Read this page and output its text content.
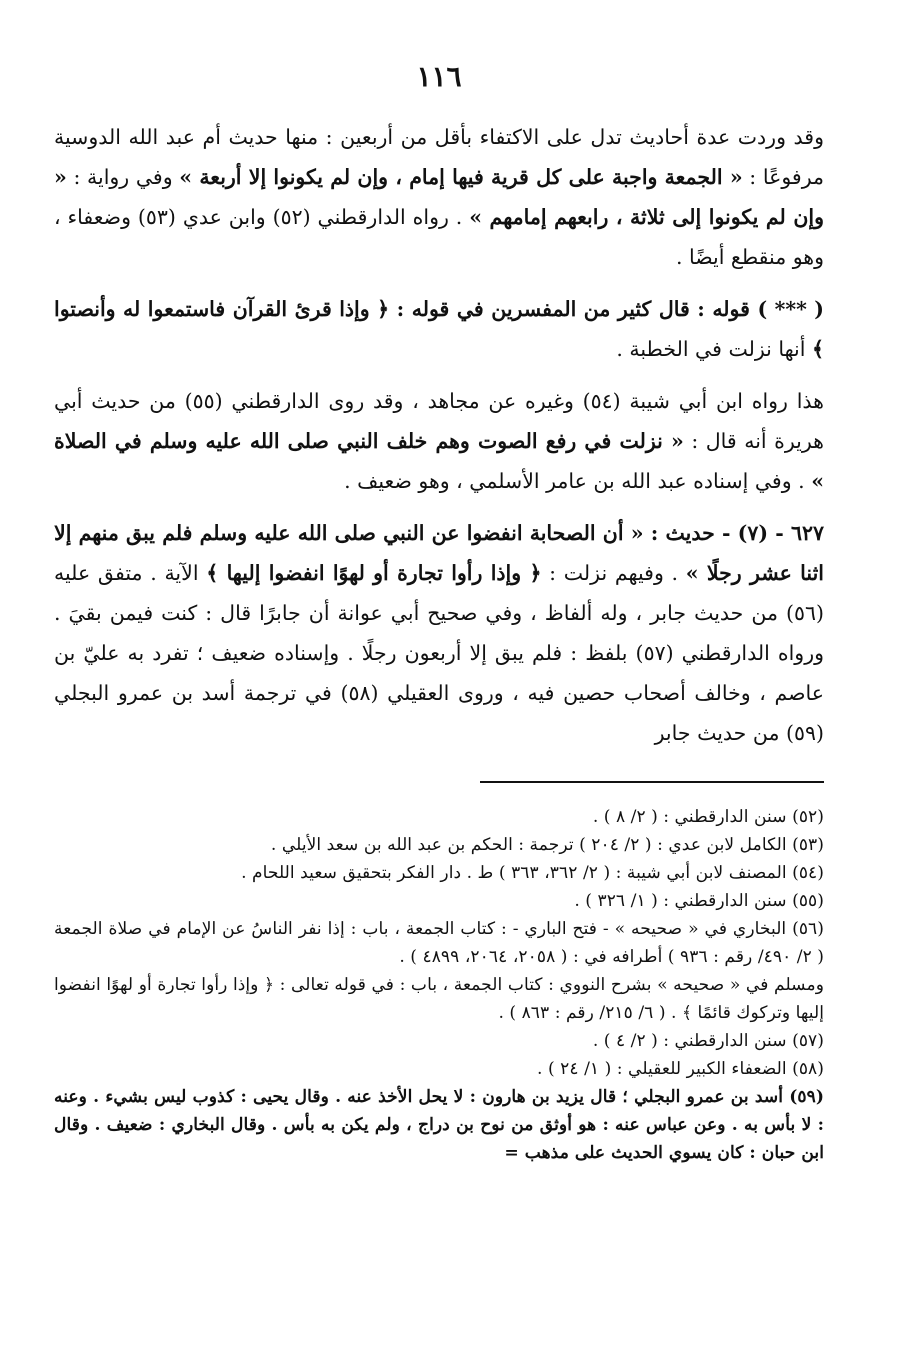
١١٦

وقد وردت عدة أحاديث تدل على الاكتفاء بأقل من أربعين : منها حديث أم عبد الله الدوسية مرفوعًا : « الجمعة واجبة على كل قرية فيها إمام ، وإن لم يكونوا إلا أربعة » وفي رواية : « وإن لم يكونوا إلى ثلاثة ، رابعهم إمامهم » . رواه الدارقطني (٥٢) وابن عدي (٥٣) وضعفاء ، وهو منقطع أيضًا .

( *** ) قوله : قال كثير من المفسرين في قوله : ﴿ وإذا قرئ القرآن فاستمعوا له وأنصتوا ﴾ أنها نزلت في الخطبة .

هذا رواه ابن أبي شيبة (٥٤) وغيره عن مجاهد ، وقد روى الدارقطني (٥٥) من حديث أبي هريرة أنه قال : « نزلت في رفع الصوت وهم خلف النبي صلى الله عليه وسلم في الصلاة » . وفي إسناده عبد الله بن عامر الأسلمي ، وهو ضعيف .

٦٢٧ - (٧) - حديث : « أن الصحابة انفضوا عن النبي صلى الله عليه وسلم فلم يبق منهم إلا اثنا عشر رجلًا » . وفيهم نزلت : ﴿ وإذا رأوا تجارة أو لهوًا انفضوا إليها ﴾ الآية . متفق عليه (٥٦) من حديث جابر ، وله ألفاظ ، وفي صحيح أبي عوانة أن جابرًا قال : كنت فيمن بقيَ . ورواه الدارقطني (٥٧) بلفظ : فلم يبق إلا أربعون رجلًا . وإسناده ضعيف ؛ تفرد به عليّ بن عاصم ، وخالف أصحاب حصين فيه ، وروى العقيلي (٥٨) في ترجمة أسد بن عمرو البجلي (٥٩) من حديث جابر

(٥٢) سنن الدارقطني : ( ٢/ ٨ ) .

(٥٣) الكامل لابن عدي : ( ٢/ ٢٠٤ ) ترجمة : الحكم بن عبد الله بن سعد الأيلي .

(٥٤) المصنف لابن أبي شيبة : ( ٢/ ٣٦٢، ٣٦٣ ) ط . دار الفكر بتحقيق سعيد اللحام .

(٥٥) سنن الدارقطني : ( ١/ ٣٢٦ ) .

(٥٦) البخاري في « صحيحه » - فتح الباري - : كتاب الجمعة ، باب : إذا نفر الناسُ عن الإمام في صلاة الجمعة ( ٢/ ٤٩٠/ رقم : ٩٣٦ ) أطرافه في : ( ٢٠٥٨، ٢٠٦٤، ٤٨٩٩ ) .

ومسلم في « صحيحه » بشرح النووي : كتاب الجمعة ، باب : في قوله تعالى : ﴿ وإذا رأوا تجارة أو لهوًا انفضوا إليها وتركوك قائمًا ﴾ . ( ٦/ ٢١٥/ رقم : ٨٦٣ ) .

(٥٧) سنن الدارقطني : ( ٢/ ٤ ) .

(٥٨) الضعفاء الكبير للعقيلي : ( ١/ ٢٤ ) .

(٥٩) أسد بن عمرو البجلي ؛ قال يزيد بن هارون : لا يحل الأخذ عنه . وقال يحيى : كذوب ليس بشيء . وعنه : لا بأس به . وعن عباس عنه : هو أوثق من نوح بن دراج ، ولم يكن به بأس . وقال البخاري : ضعيف . وقال ابن حبان : كان يسوي الحديث على مذهب =
